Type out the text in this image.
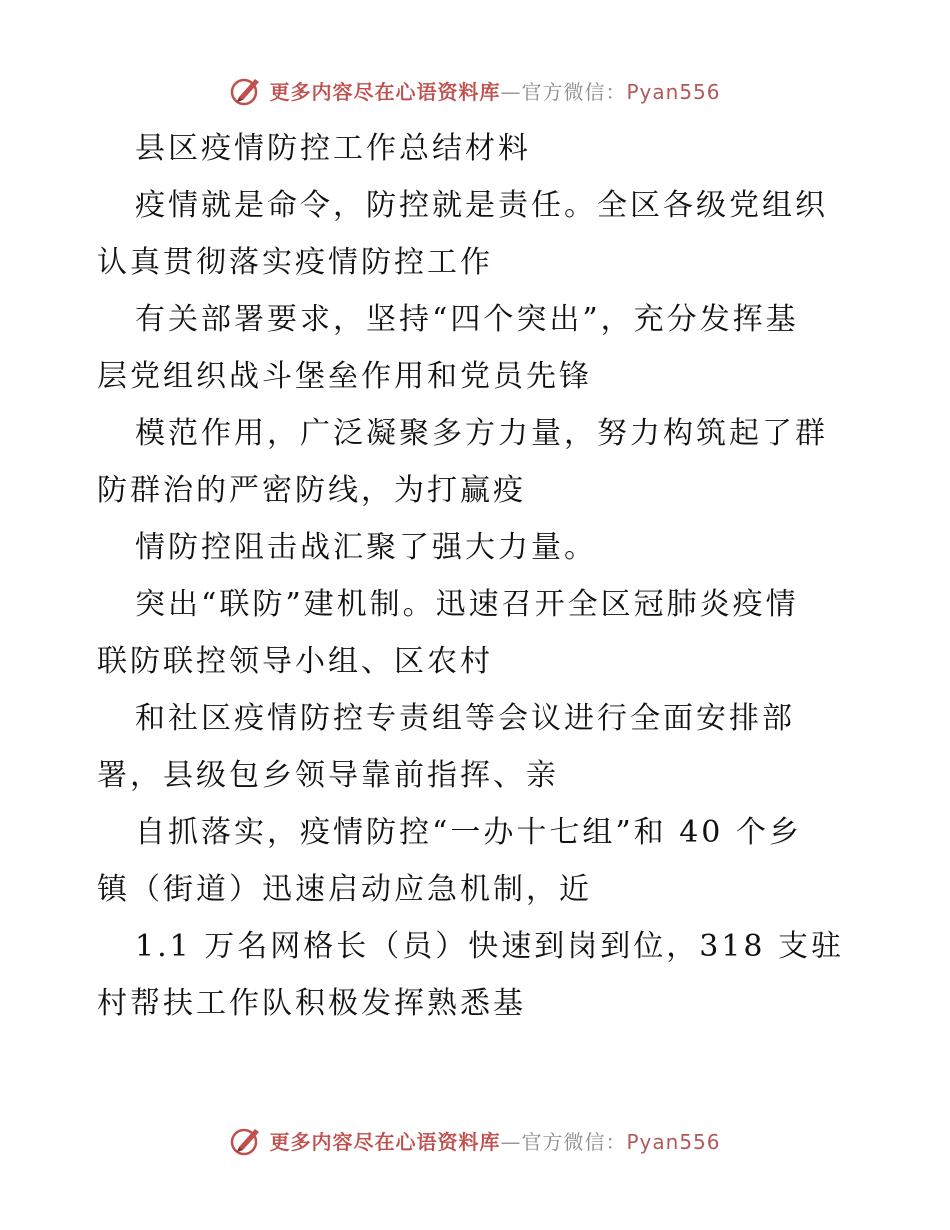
更多内容尽在心语资料库—官方微信：Pyan556
县区疫情防控工作总结材料
疫情就是命令，防控就是责任。全区各级党组织
认真贯彻落实疫情防控工作
有关部署要求，坚持“四个突出”，充分发挥基
层党组织战斗堡垒作用和党员先锋
模范作用，广泛凝聚多方力量，努力构筑起了群
防群治的严密防线，为打赢疫
情防控阻击战汇聚了强大力量。
突出“联防”建机制。迅速召开全区冠肺炎疫情
联防联控领导小组、区农村
和社区疫情防控专责组等会议进行全面安排部
署，县级包乡领导靠前指挥、亲
自抓落实，疫情防控“一办十七组”和 40 个乡
镇（街道）迅速启动应急机制，近
1.1 万名网格长（员）快速到岗到位，318 支驻
村帮扶工作队积极发挥熟悉基
更多内容尽在心语资料库—官方微信：Pyan556
